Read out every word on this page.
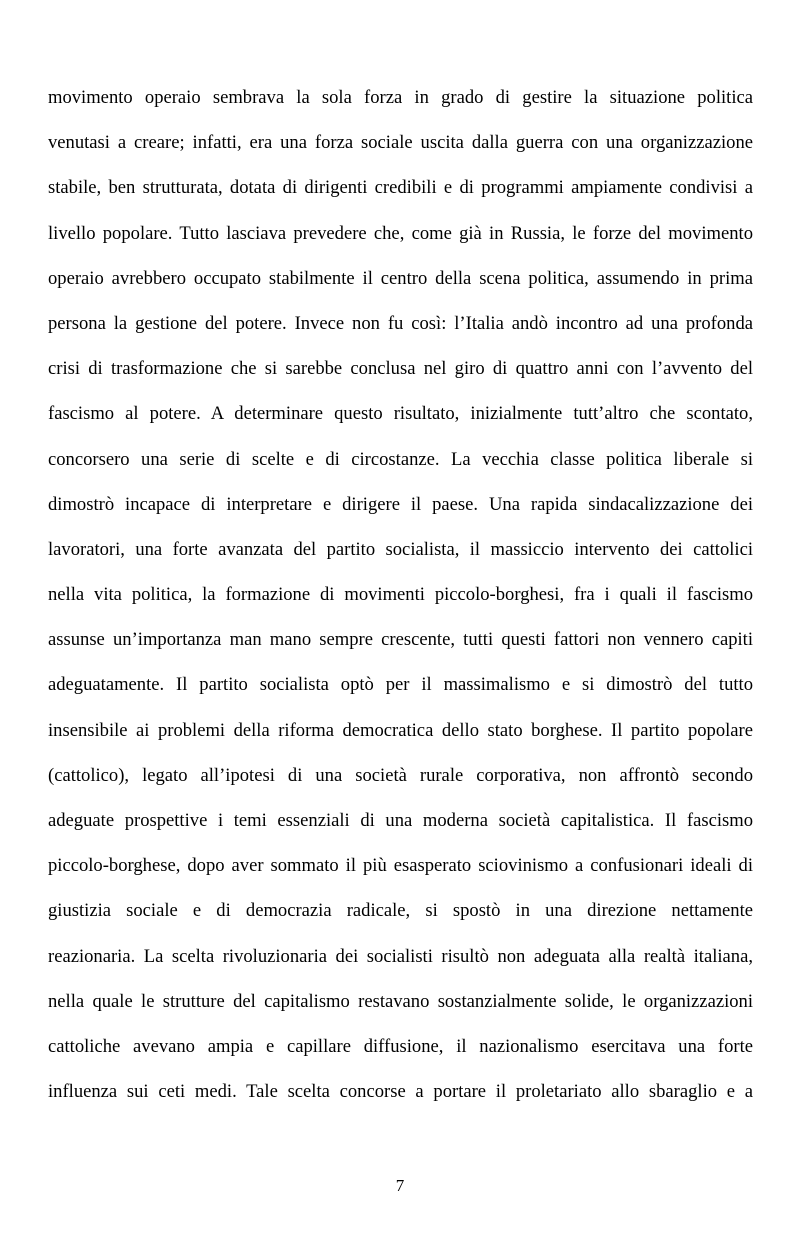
movimento operaio sembrava la sola forza in grado di gestire la situazione politica
venutasi a creare; infatti, era una forza sociale uscita dalla guerra con una organizzazione
stabile, ben strutturata, dotata di dirigenti credibili e di programmi ampiamente condivisi a
livello popolare. Tutto lasciava prevedere che, come già in Russia, le forze del movimento
operaio avrebbero occupato stabilmente il centro della scena politica, assumendo in prima
persona la gestione del potere. Invece non fu così: l’Italia andò incontro ad una profonda
crisi di trasformazione che si sarebbe conclusa nel giro di quattro anni con l’avvento del
fascismo al potere. A determinare questo risultato, inizialmente tutt’altro che scontato,
concorsero una serie di scelte e di circostanze. La vecchia classe politica liberale si
dimostrò incapace di interpretare e dirigere il paese. Una rapida sindacalizzazione dei
lavoratori, una forte avanzata del partito socialista, il massiccio intervento dei cattolici
nella vita politica, la formazione di movimenti piccolo-borghesi, fra i quali il fascismo
assunse un’importanza man mano sempre crescente, tutti questi fattori non vennero capiti
adeguatamente. Il partito socialista optò per il massimalismo e si dimostrò del tutto
insensibile ai problemi della riforma democratica dello stato borghese. Il partito popolare
(cattolico), legato all’ipotesi di una società rurale corporativa, non affrontò secondo
adeguate prospettive i temi essenziali di una moderna società capitalistica. Il fascismo
piccolo-borghese, dopo aver sommato il più esasperato sciovinismo a confusionari ideali di
giustizia sociale e di democrazia radicale, si spostò in una direzione nettamente
reazionaria. La scelta rivoluzionaria dei socialisti risultò non adeguata alla realtà italiana,
nella quale le strutture del capitalismo restavano sostanzialmente solide, le organizzazioni
cattoliche avevano ampia e capillare diffusione, il nazionalismo esercitava una forte
influenza sui ceti medi. Tale scelta concorse a portare il proletariato allo sbaraglio e a
7
